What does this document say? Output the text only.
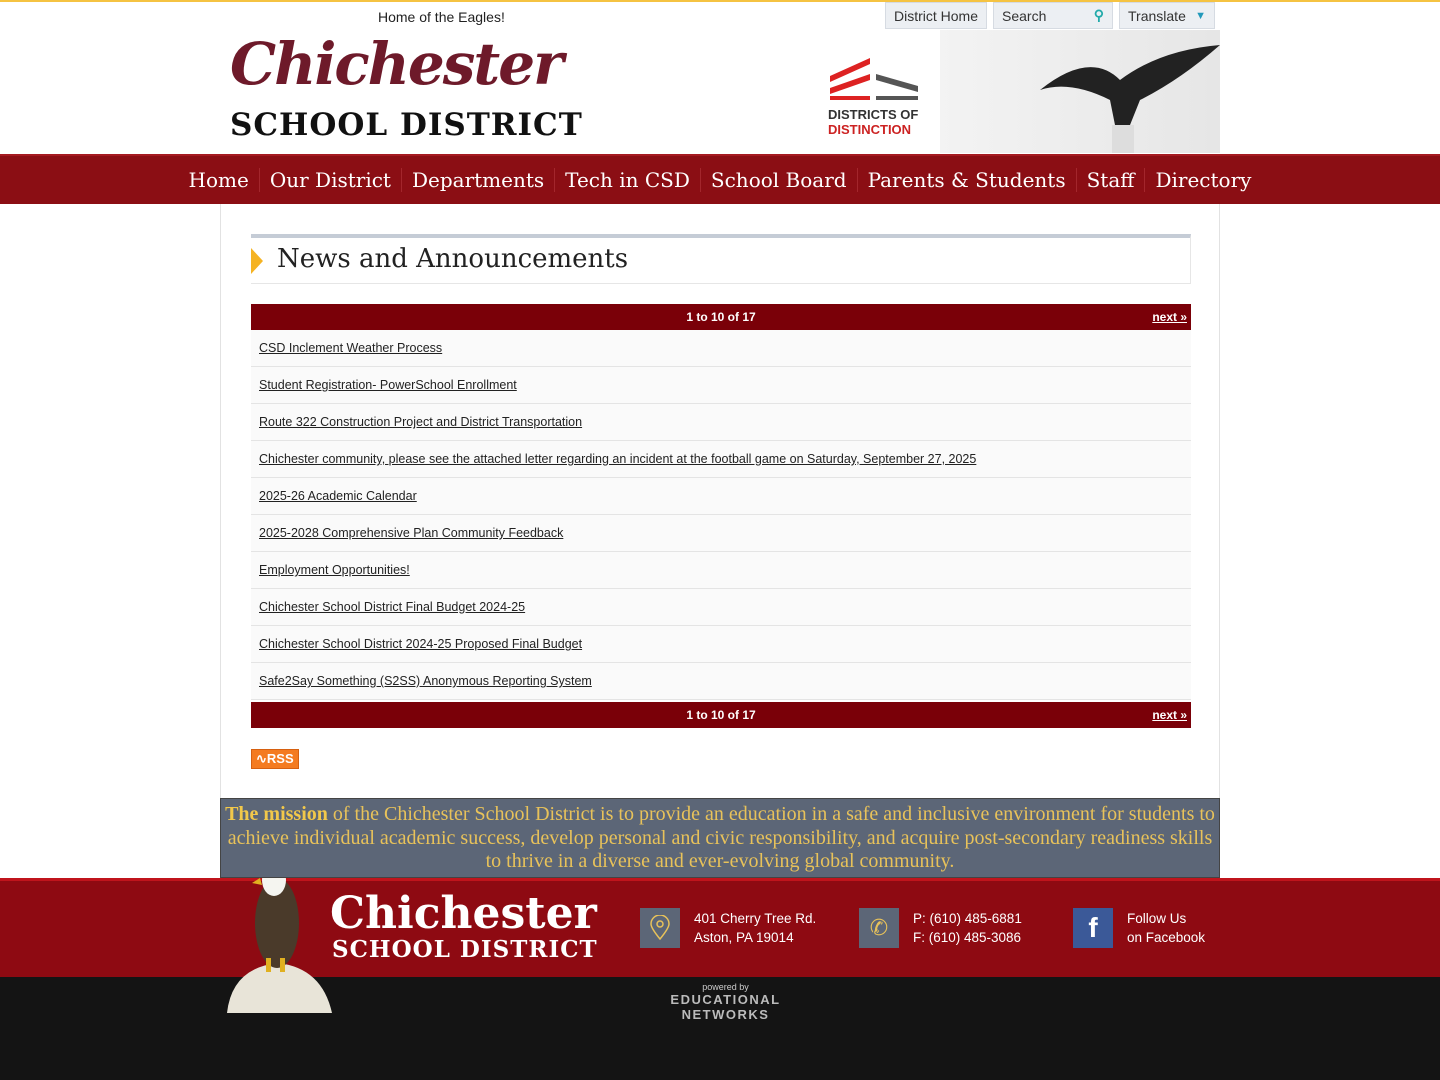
Home of the Eagles!	District Home	Search	⚲ Translate ▼
Chichester
SCHOOL DISTRICT	DISTRICTS OF
DISTINCTION
Home	Our District	Departments	Tech in CSD	School Board	Parents & Students	Staff	Directory
News and Announcements
1 to 10 of 17	next »
CSD Inclement Weather Process
Student Registration- PowerSchool Enrollment
Route 322 Construction Project and District Transportation
Chichester community, please see the attached letter regarding an incident at the football game on Saturday, September 27, 2025
2025-26 Academic Calendar
2025-2028 Comprehensive Plan Community Feedback
Employment Opportunities!
Chichester School District Final Budget 2024-25
Chichester School District 2024-25 Proposed Final Budget
Safe2Say Something (S2SS) Anonymous Reporting System
1 to 10 of 17	next »
∿RSS
The mission of the Chichester School District is to provide an education in a safe and inclusive environment for students to achieve individual academic success, develop personal and civic responsibility, and acquire post-secondary readiness skills to thrive in a diverse and ever-evolving global community.
Chichester
SCHOOL DISTRICT
401 Cherry Tree Rd.
Aston, PA 19014	✆ P: (610) 485-6881
F: (610) 485-3086 f Follow Us
on Facebook
powered by
EDUCATIONAL NETWORKS
